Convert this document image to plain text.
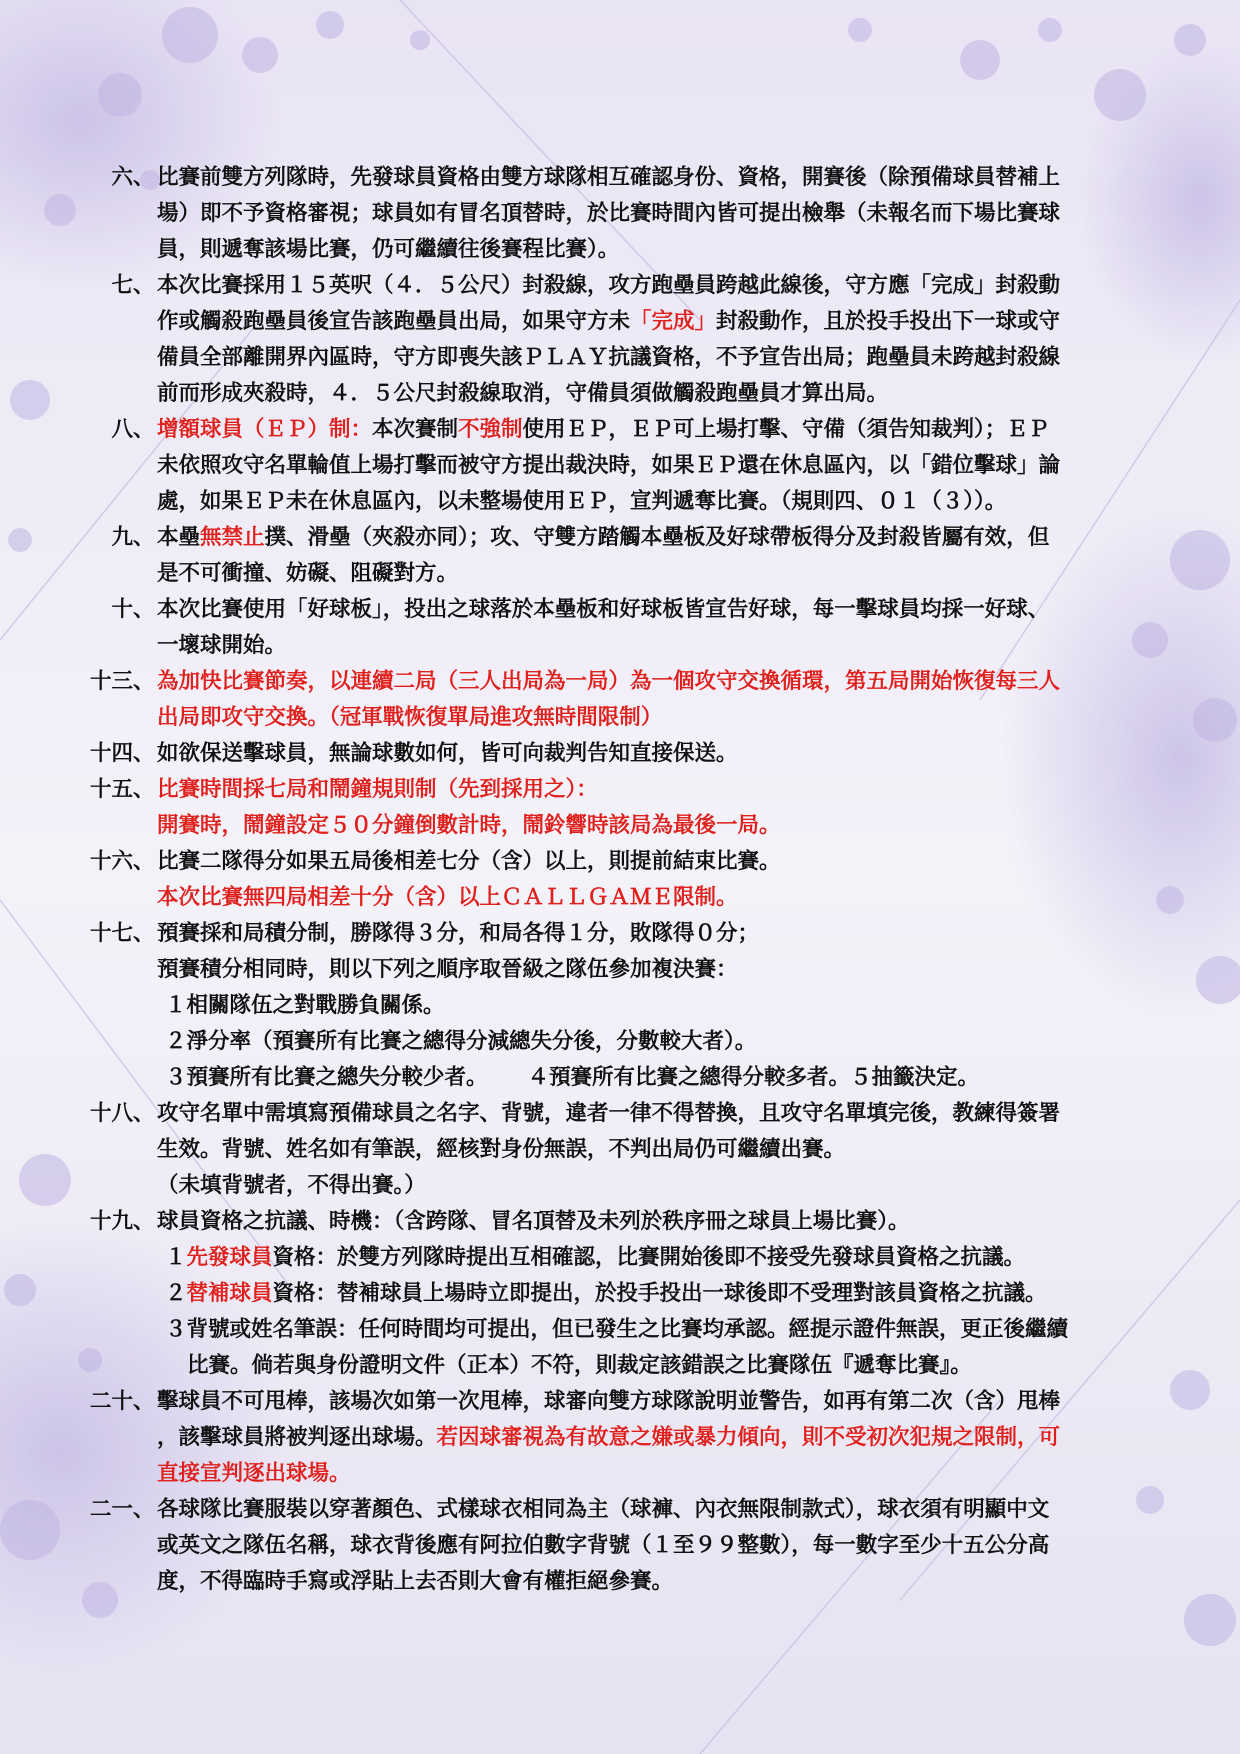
六 、 比賽前雙方列隊時，先發球員資格由雙方球隊相互確認身份、資格，開賽後（除預備球員替補上

場）即不予資格審視；球員如有冒名頂替時，於比賽時間內皆可提出檢舉（未報名而下場比賽球

員，則遞奪該場比賽，仍可繼續往後賽程比賽）。

七 、 本次比賽採用１５英呎（４．５公尺）封殺線，攻方跑壘員跨越此線後，守方應「完成」封殺動

作或觸殺跑壘員後宣告該跑壘員出局，如果守方未「完成」封殺動作，且於投手投出下一球或守

備員全部離開界內區時，守方即喪失該ＰＬＡＹ抗議資格，不予宣告出局；跑壘員未跨越封殺線

前而形成夾殺時，４．５公尺封殺線取消，守備員須做觸殺跑壘員才算出局。

八 、 增額球員（ＥＰ）制：本次賽制不強制使用ＥＰ，ＥＰ可上場打擊、守備（須告知裁判）；ＥＰ

未依照攻守名單輪值上場打擊而被守方提出裁決時，如果ＥＰ還在休息區內，以「錯位擊球」論

處，如果ＥＰ未在休息區內，以未整場使用ＥＰ，宣判遞奪比賽。（規則四、０１（３））。

九 、 本壘無禁止撲、滑壘（夾殺亦同）；攻、守雙方踏觸本壘板及好球帶板得分及封殺皆屬有效，但

是不可衝撞、妨礙、阻礙對方。

十 、 本次比賽使用「好球板」，投出之球落於本壘板和好球板皆宣告好球，每一擊球員均採一好球、

一壞球開始。

十三 、 為加快比賽節奏，以連續二局（三人出局為一局）為一個攻守交換循環，第五局開始恢復每三人

出局即攻守交換。（冠軍戰恢復單局進攻無時間限制）

十四 、 如欲保送擊球員，無論球數如何，皆可向裁判告知直接保送。

十五 、 比賽時間採七局和鬧鐘規則制（先到採用之）：

開賽時，鬧鐘設定５０分鐘倒數計時，鬧鈴響時該局為最後一局。

十六 、 比賽二隊得分如果五局後相差七分（含）以上，則提前結束比賽。

本次比賽無四局相差十分（含）以上ＣＡＬＬＧＡＭＥ限制。

十七 、 預賽採和局積分制，勝隊得３分，和局各得１分，敗隊得０分；

預賽積分相同時，則以下列之順序取晉級之隊伍參加複決賽：

１相關隊伍之對戰勝負關係。

２淨分率（預賽所有比賽之總得分減總失分後，分數較大者）。

３預賽所有比賽之總失分較少者。 ４預賽所有比賽之總得分較多者。５抽籤決定。

十八 、 攻守名單中需填寫預備球員之名字、背號，違者一律不得替換，且攻守名單填完後，教練得簽署

生效。背號、姓名如有筆誤，經核對身份無誤，不判出局仍可繼續出賽。

（未填背號者，不得出賽。）

十九 、 球員資格之抗議、時機：（含跨隊、冒名頂替及未列於秩序冊之球員上場比賽）。

１先發球員資格：於雙方列隊時提出互相確認，比賽開始後即不接受先發球員資格之抗議。

２替補球員資格：替補球員上場時立即提出，於投手投出一球後即不受理對該員資格之抗議。

３背號或姓名筆誤：任何時間均可提出，但已發生之比賽均承認。經提示證件無誤，更正後繼續

比賽。倘若與身份證明文件（正本）不符，則裁定該錯誤之比賽隊伍『遞奪比賽』。

二十 、 擊球員不可甩棒，該場次如第一次甩棒，球審向雙方球隊說明並警告，如再有第二次（含）甩棒

，該擊球員將被判逐出球場。若因球審視為有故意之嫌或暴力傾向，則不受初次犯規之限制，可

直接宣判逐出球場。

二一 、 各球隊比賽服裝以穿著顏色、式樣球衣相同為主（球褲、內衣無限制款式），球衣須有明顯中文

或英文之隊伍名稱，球衣背後應有阿拉伯數字背號（１至９９整數），每一數字至少十五公分高

度，不得臨時手寫或浮貼上去否則大會有權拒絕參賽。
